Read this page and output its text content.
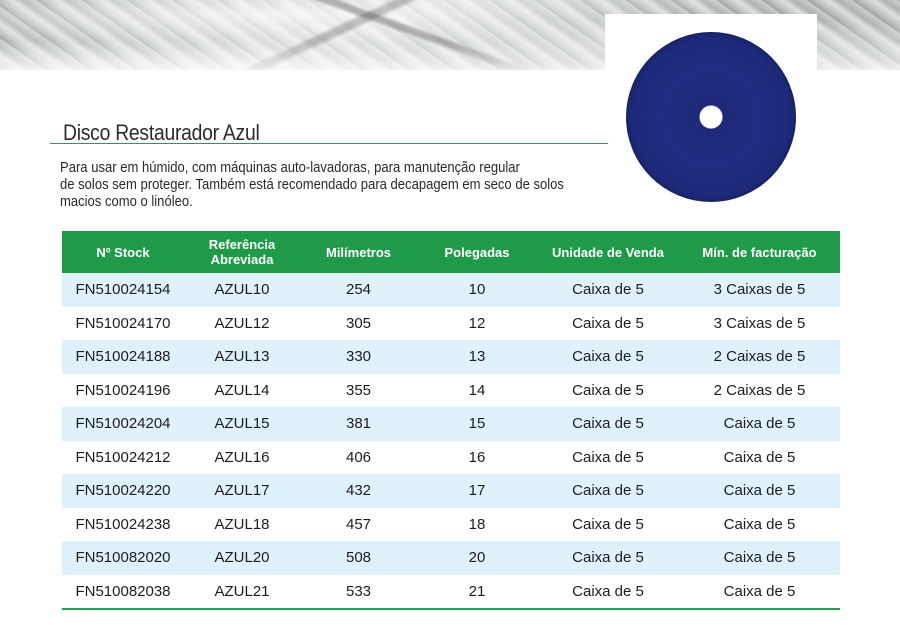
Disco Restaurador Azul

Para usar em húmido, com máquinas auto-lavadoras, para manutenção regular
de solos sem proteger. Também está recomendado para decapagem em seco de solos
macios como o linóleo.

Nº Stock	Referência Abreviada	Milímetros	Polegadas	Unidade de Venda	Mín. de facturação
FN510024154	AZUL10	254	10	Caixa de 5	3 Caixas de 5
FN510024170	AZUL12	305	12	Caixa de 5	3 Caixas de 5
FN510024188	AZUL13	330	13	Caixa de 5	2 Caixas de 5
FN510024196	AZUL14	355	14	Caixa de 5	2 Caixas de 5
FN510024204	AZUL15	381	15	Caixa de 5	Caixa de 5
FN510024212	AZUL16	406	16	Caixa de 5	Caixa de 5
FN510024220	AZUL17	432	17	Caixa de 5	Caixa de 5
FN510024238	AZUL18	457	18	Caixa de 5	Caixa de 5
FN510082020	AZUL20	508	20	Caixa de 5	Caixa de 5
FN510082038	AZUL21	533	21	Caixa de 5	Caixa de 5
